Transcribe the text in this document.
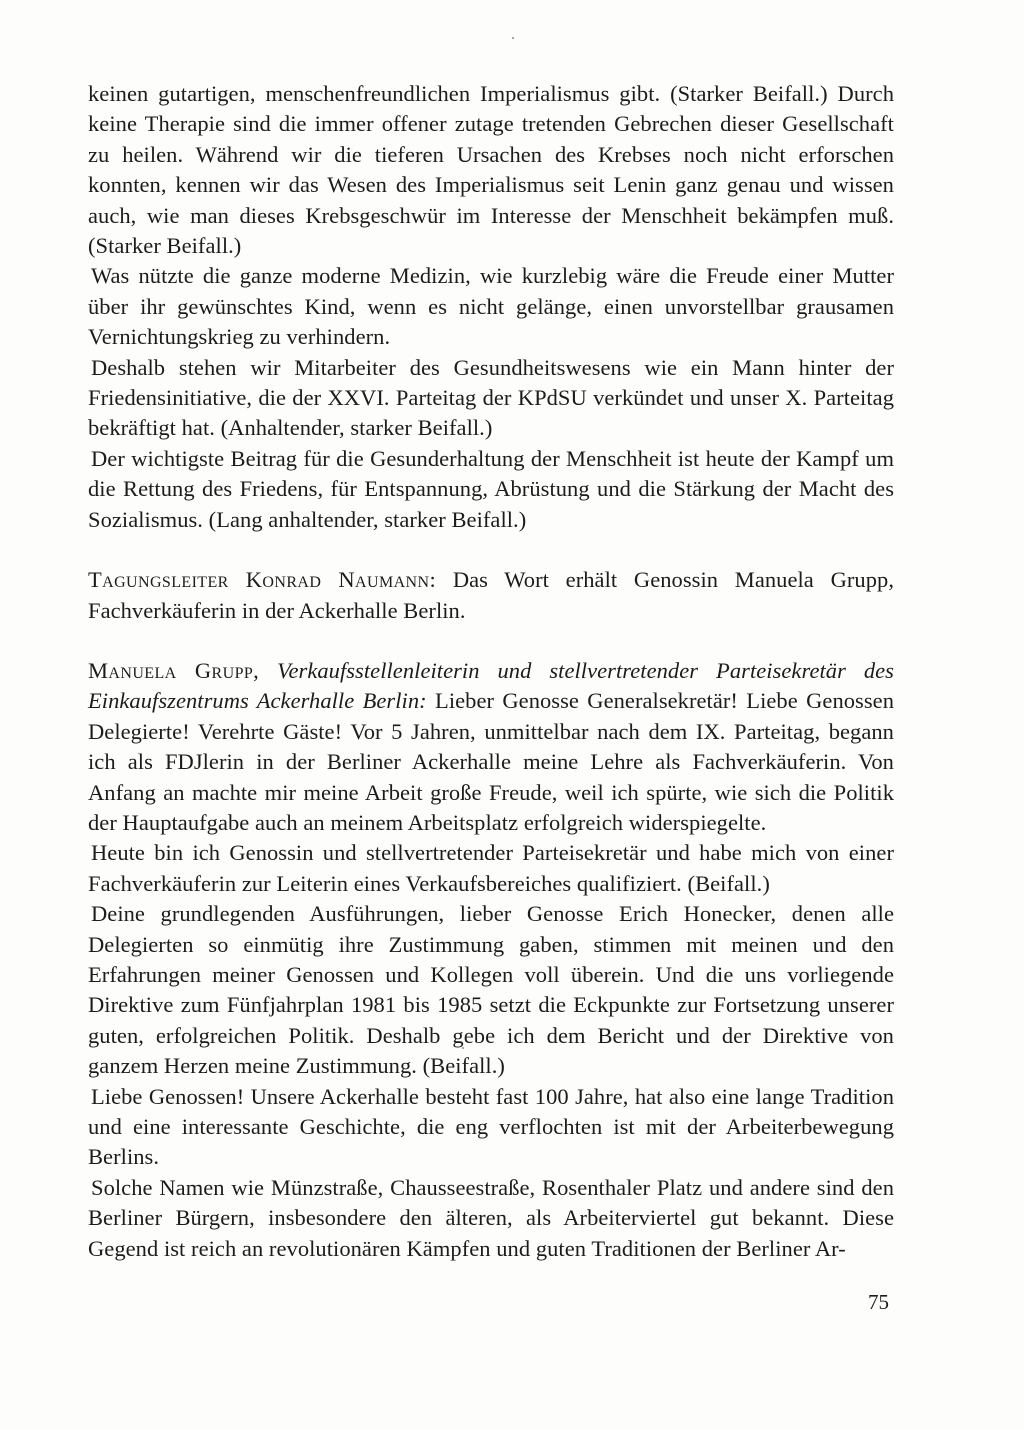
keinen gutartigen, menschenfreundlichen Imperialismus gibt. (Starker Beifall.) Durch keine Therapie sind die immer offener zutage tretenden Gebrechen dieser Gesellschaft zu heilen. Während wir die tieferen Ursachen des Krebses noch nicht erforschen konnten, kennen wir das Wesen des Imperialismus seit Lenin ganz genau und wissen auch, wie man dieses Krebsgeschwür im Interesse der Menschheit bekämpfen muß. (Starker Beifall.)

Was nützte die ganze moderne Medizin, wie kurzlebig wäre die Freude einer Mutter über ihr gewünschtes Kind, wenn es nicht gelänge, einen unvorstellbar grausamen Vernichtungskrieg zu verhindern.

Deshalb stehen wir Mitarbeiter des Gesundheitswesens wie ein Mann hinter der Friedensinitiative, die der XXVI. Parteitag der KPdSU verkündet und unser X. Parteitag bekräftigt hat. (Anhaltender, starker Beifall.)

Der wichtigste Beitrag für die Gesunderhaltung der Menschheit ist heute der Kampf um die Rettung des Friedens, für Entspannung, Abrüstung und die Stärkung der Macht des Sozialismus. (Lang anhaltender, starker Beifall.)

Tagungsleiter Konrad Naumann: Das Wort erhält Genossin Manuela Grupp, Fachverkäuferin in der Ackerhalle Berlin.

Manuela Grupp, Verkaufsstellenleiterin und stellvertretender Parteisekretär des Einkaufszentrums Ackerhalle Berlin: Lieber Genosse Generalsekretär! Liebe Genossen Delegierte! Verehrte Gäste! Vor 5 Jahren, unmittelbar nach dem IX. Parteitag, begann ich als FDJlerin in der Berliner Ackerhalle meine Lehre als Fachverkäuferin. Von Anfang an machte mir meine Arbeit große Freude, weil ich spürte, wie sich die Politik der Hauptaufgabe auch an meinem Arbeitsplatz erfolgreich widerspiegelte.

Heute bin ich Genossin und stellvertretender Parteisekretär und habe mich von einer Fachverkäuferin zur Leiterin eines Verkaufsbereiches qualifiziert. (Beifall.)

Deine grundlegenden Ausführungen, lieber Genosse Erich Honecker, denen alle Delegierten so einmütig ihre Zustimmung gaben, stimmen mit meinen und den Erfahrungen meiner Genossen und Kollegen voll überein. Und die uns vorliegende Direktive zum Fünfjahrplan 1981 bis 1985 setzt die Eckpunkte zur Fortsetzung unserer guten, erfolgreichen Politik. Deshalb gebe ich dem Bericht und der Direktive von ganzem Herzen meine Zustimmung. (Beifall.)

Liebe Genossen! Unsere Ackerhalle besteht fast 100 Jahre, hat also eine lange Tradition und eine interessante Geschichte, die eng verflochten ist mit der Arbeiterbewegung Berlins.

Solche Namen wie Münzstraße, Chausseestraße, Rosenthaler Platz und andere sind den Berliner Bürgern, insbesondere den älteren, als Arbeiterviertel gut bekannt. Diese Gegend ist reich an revolutionären Kämpfen und guten Traditionen der Berliner Ar-

75
